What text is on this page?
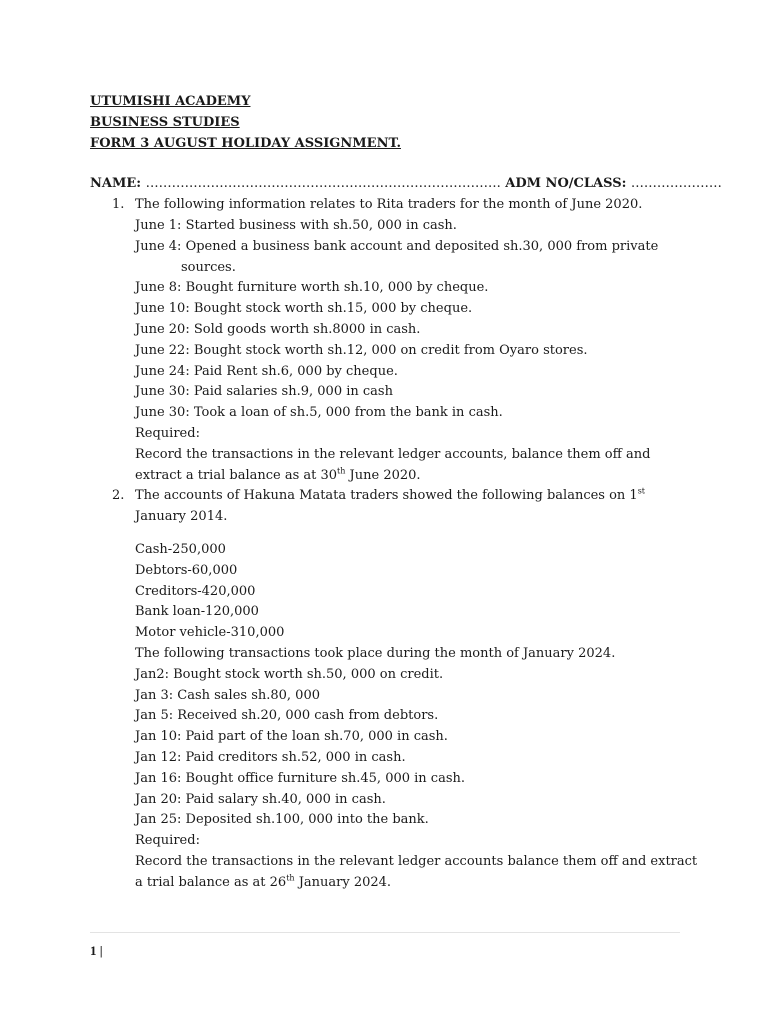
UTUMISHI ACADEMY

BUSINESS STUDIES

FORM 3 AUGUST HOLIDAY ASSIGNMENT.

NAME: ………………………………………………………………………. ADM NO/CLASS: …………………
1. The following information relates to Rita traders for the month of June 2020.

June 1: Started business with sh.50, 000 in cash.

June 4: Opened a business bank account and deposited sh.30, 000 from private

sources.

June 8: Bought furniture worth sh.10, 000 by cheque.

June 10: Bought stock worth sh.15, 000 by cheque.

June 20: Sold goods worth sh.8000 in cash.

June 22: Bought stock worth sh.12, 000 on credit from Oyaro stores.

June 24: Paid Rent sh.6, 000 by cheque.

June 30: Paid salaries sh.9, 000 in cash

June 30: Took a loan of sh.5, 000 from the bank in cash.

Required:

Record the transactions in the relevant ledger accounts, balance them off and

extract a trial balance as at 30th June 2020.

2. The accounts of Hakuna Matata traders showed the following balances on 1st

January 2014.

Cash-250,000

Debtors-60,000

Creditors-420,000

Bank loan-120,000

Motor vehicle-310,000

The following transactions took place during the month of January 2024.

Jan2: Bought stock worth sh.50, 000 on credit.

Jan 3: Cash sales sh.80, 000

Jan 5: Received sh.20, 000 cash from debtors.

Jan 10: Paid part of the loan sh.70, 000 in cash.

Jan 12: Paid creditors sh.52, 000 in cash.

Jan 16: Bought office furniture sh.45, 000 in cash.

Jan 20: Paid salary sh.40, 000 in cash.

Jan 25: Deposited sh.100, 000 into the bank.

Required:

Record the transactions in the relevant ledger accounts balance them off and extract

a trial balance as at 26th January 2024.

1 |
